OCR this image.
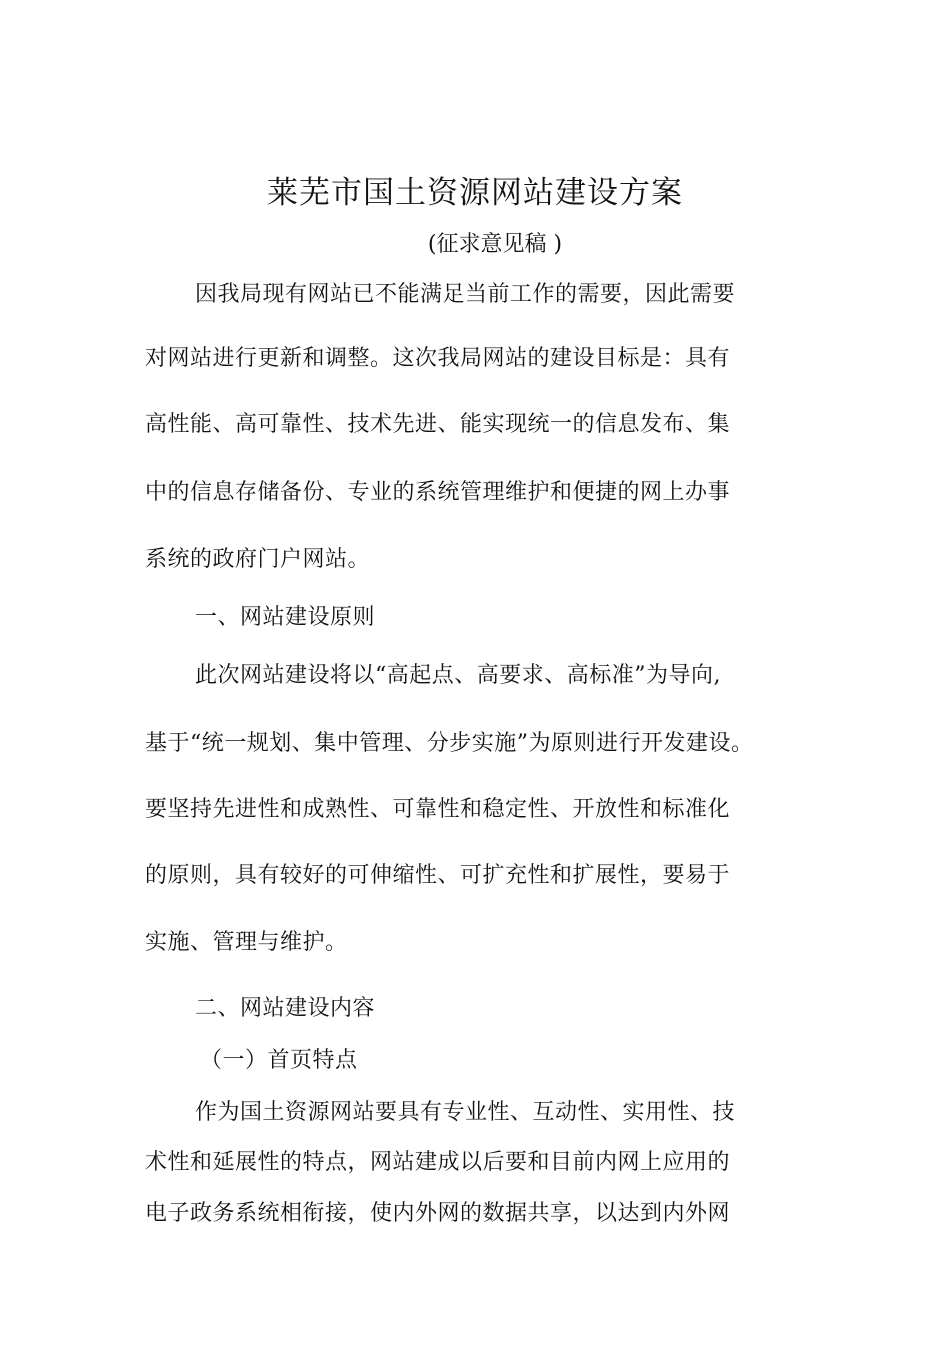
莱芜市国土资源网站建设方案
(征求意见稿 )
因我局现有网站已不能满足当前工作的需要，因此需要
对网站进行更新和调整。这次我局网站的建设目标是：具有
高性能、高可靠性、技术先进、能实现统一的信息发布、集
中的信息存储备份、专业的系统管理维护和便捷的网上办事
系统的政府门户网站。
一、网站建设原则
此次网站建设将以“高起点、高要求、高标准”为导向,
基于“统一规划、集中管理、分步实施”为原则进行开发建设。
要坚持先进性和成熟性、可靠性和稳定性、开放性和标准化
的原则，具有较好的可伸缩性、可扩充性和扩展性，要易于
实施、管理与维护。
二、网站建设内容
（一）首页特点
作为国土资源网站要具有专业性、互动性、实用性、技
术性和延展性的特点，网站建成以后要和目前内网上应用的
电子政务系统相衔接，使内外网的数据共享，以达到内外网
